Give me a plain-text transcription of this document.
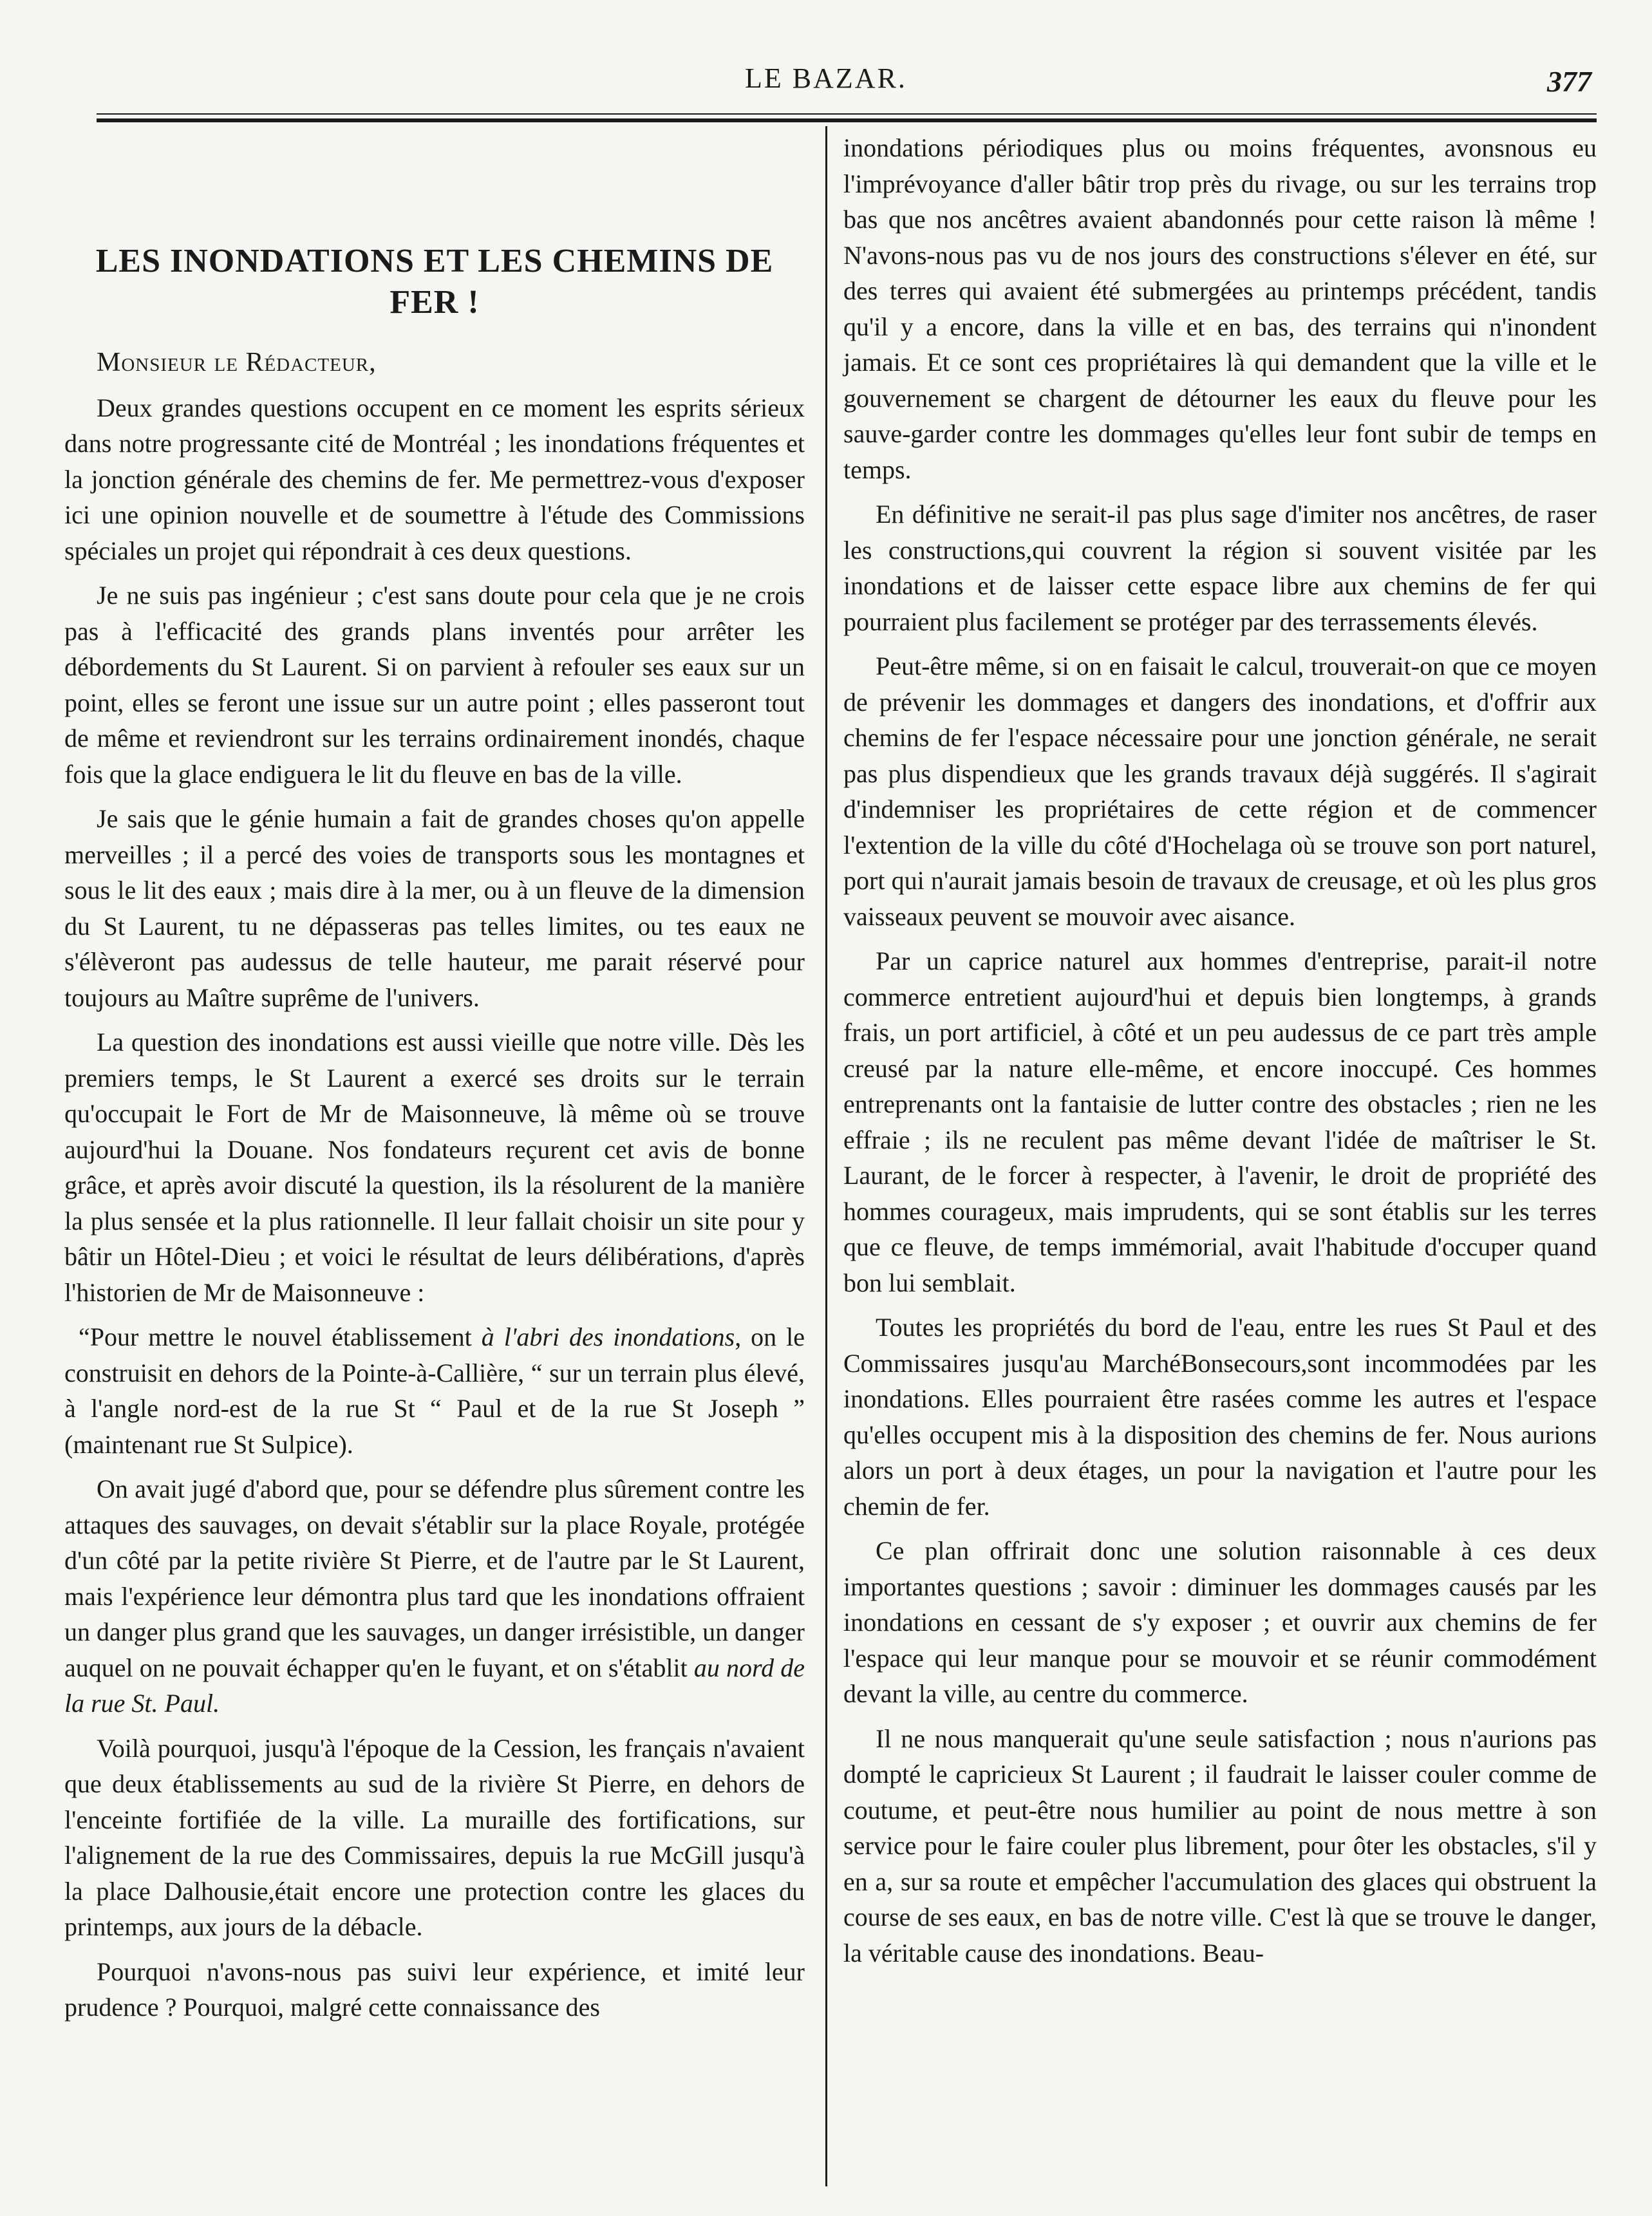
LE BAZAR.	377
LES INONDATIONS ET LES CHEMINS DE FER !

Monsieur le Rédacteur,

Deux grandes questions occupent en ce moment les esprits sérieux dans notre progressante cité de Montréal ; les inondations fréquentes et la jonction générale des chemins de fer. Me permettrez-vous d'exposer ici une opinion nouvelle et de soumettre à l'étude des Commissions spéciales un projet qui répondrait à ces deux questions.

Je ne suis pas ingénieur ; c'est sans doute pour cela que je ne crois pas à l'efficacité des grands plans inventés pour arrêter les débordements du St Laurent. Si on parvient à refouler ses eaux sur un point, elles se feront une issue sur un autre point ; elles passeront tout de même et reviendront sur les terrains ordinairement inondés, chaque fois que la glace endiguera le lit du fleuve en bas de la ville.

Je sais que le génie humain a fait de grandes choses qu'on appelle merveilles ; il a percé des voies de transports sous les montagnes et sous le lit des eaux ; mais dire à la mer, ou à un fleuve de la dimension du St Laurent, tu ne dépasseras pas telles limites, ou tes eaux ne s'élèveront pas audessus de telle hauteur, me parait réservé pour toujours au Maître suprême de l'univers.

La question des inondations est aussi vieille que notre ville. Dès les premiers temps, le St Laurent a exercé ses droits sur le terrain qu'occupait le Fort de Mr de Maisonneuve, là même où se trouve aujourd'hui la Douane. Nos fondateurs reçurent cet avis de bonne grâce, et après avoir discuté la question, ils la résolurent de la manière la plus sensée et la plus rationnelle. Il leur fallait choisir un site pour y bâtir un Hôtel-Dieu ; et voici le résultat de leurs délibérations, d'après l'historien de Mr de Maisonneuve :

“Pour mettre le nouvel établissement à l'abri des inondations, on le construisit en dehors de la Pointe-à-Callière, “ sur un terrain plus élevé, à l'angle nord-est de la rue St “ Paul et de la rue St Joseph ” (maintenant rue St Sulpice).

On avait jugé d'abord que, pour se défendre plus sûrement contre les attaques des sauvages, on devait s'établir sur la place Royale, protégée d'un côté par la petite rivière St Pierre, et de l'autre par le St Laurent, mais l'expérience leur démontra plus tard que les inondations offraient un danger plus grand que les sauvages, un danger irrésistible, un danger auquel on ne pouvait échapper qu'en le fuyant, et on s'établit au nord de la rue St. Paul.

Voilà pourquoi, jusqu'à l'époque de la Cession, les français n'avaient que deux établissements au sud de la rivière St Pierre, en dehors de l'enceinte fortifiée de la ville. La muraille des fortifications, sur l'alignement de la rue des Commissaires, depuis la rue McGill jusqu'à la place Dalhousie,était encore une protection contre les glaces du printemps, aux jours de la débacle.

Pourquoi n'avons-nous pas suivi leur expérience, et imité leur prudence ? Pourquoi, malgré cette connaissance des

inondations périodiques plus ou moins fréquentes, avonsnous eu l'imprévoyance d'aller bâtir trop près du rivage, ou sur les terrains trop bas que nos ancêtres avaient abandonnés pour cette raison là même ! N'avons-nous pas vu de nos jours des constructions s'élever en été, sur des terres qui avaient été submergées au printemps précédent, tandis qu'il y a encore, dans la ville et en bas, des terrains qui n'inondent jamais. Et ce sont ces propriétaires là qui demandent que la ville et le gouvernement se chargent de détourner les eaux du fleuve pour les sauve-garder contre les dommages qu'elles leur font subir de temps en temps.

En définitive ne serait-il pas plus sage d'imiter nos ancêtres, de raser les constructions,qui couvrent la région si souvent visitée par les inondations et de laisser cette espace libre aux chemins de fer qui pourraient plus facilement se protéger par des terrassements élevés.

Peut-être même, si on en faisait le calcul, trouverait-on que ce moyen de prévenir les dommages et dangers des inondations, et d'offrir aux chemins de fer l'espace nécessaire pour une jonction générale, ne serait pas plus dispendieux que les grands travaux déjà suggérés. Il s'agirait d'indemniser les propriétaires de cette région et de commencer l'extention de la ville du côté d'Hochelaga où se trouve son port naturel, port qui n'aurait jamais besoin de travaux de creusage, et où les plus gros vaisseaux peuvent se mouvoir avec aisance.

Par un caprice naturel aux hommes d'entreprise, parait-il notre commerce entretient aujourd'hui et depuis bien longtemps, à grands frais, un port artificiel, à côté et un peu audessus de ce part très ample creusé par la nature elle-même, et encore inoccupé. Ces hommes entreprenants ont la fantaisie de lutter contre des obstacles ; rien ne les effraie ; ils ne reculent pas même devant l'idée de maîtriser le St. Laurant, de le forcer à respecter, à l'avenir, le droit de propriété des hommes courageux, mais imprudents, qui se sont établis sur les terres que ce fleuve, de temps immémorial, avait l'habitude d'occuper quand bon lui semblait.

Toutes les propriétés du bord de l'eau, entre les rues St Paul et des Commissaires jusqu'au MarchéBonsecours,sont incommodées par les inondations. Elles pourraient être rasées comme les autres et l'espace qu'elles occupent mis à la disposition des chemins de fer. Nous aurions alors un port à deux étages, un pour la navigation et l'autre pour les chemin de fer.

Ce plan offrirait donc une solution raisonnable à ces deux importantes questions ; savoir : diminuer les dommages causés par les inondations en cessant de s'y exposer ; et ouvrir aux chemins de fer l'espace qui leur manque pour se mouvoir et se réunir commodément devant la ville, au centre du commerce.

Il ne nous manquerait qu'une seule satisfaction ; nous n'aurions pas dompté le capricieux St Laurent ; il faudrait le laisser couler comme de coutume, et peut-être nous humilier au point de nous mettre à son service pour le faire couler plus librement, pour ôter les obstacles, s'il y en a, sur sa route et empêcher l'accumulation des glaces qui obstruent la course de ses eaux, en bas de notre ville. C'est là que se trouve le danger, la véritable cause des inondations. Beau-
